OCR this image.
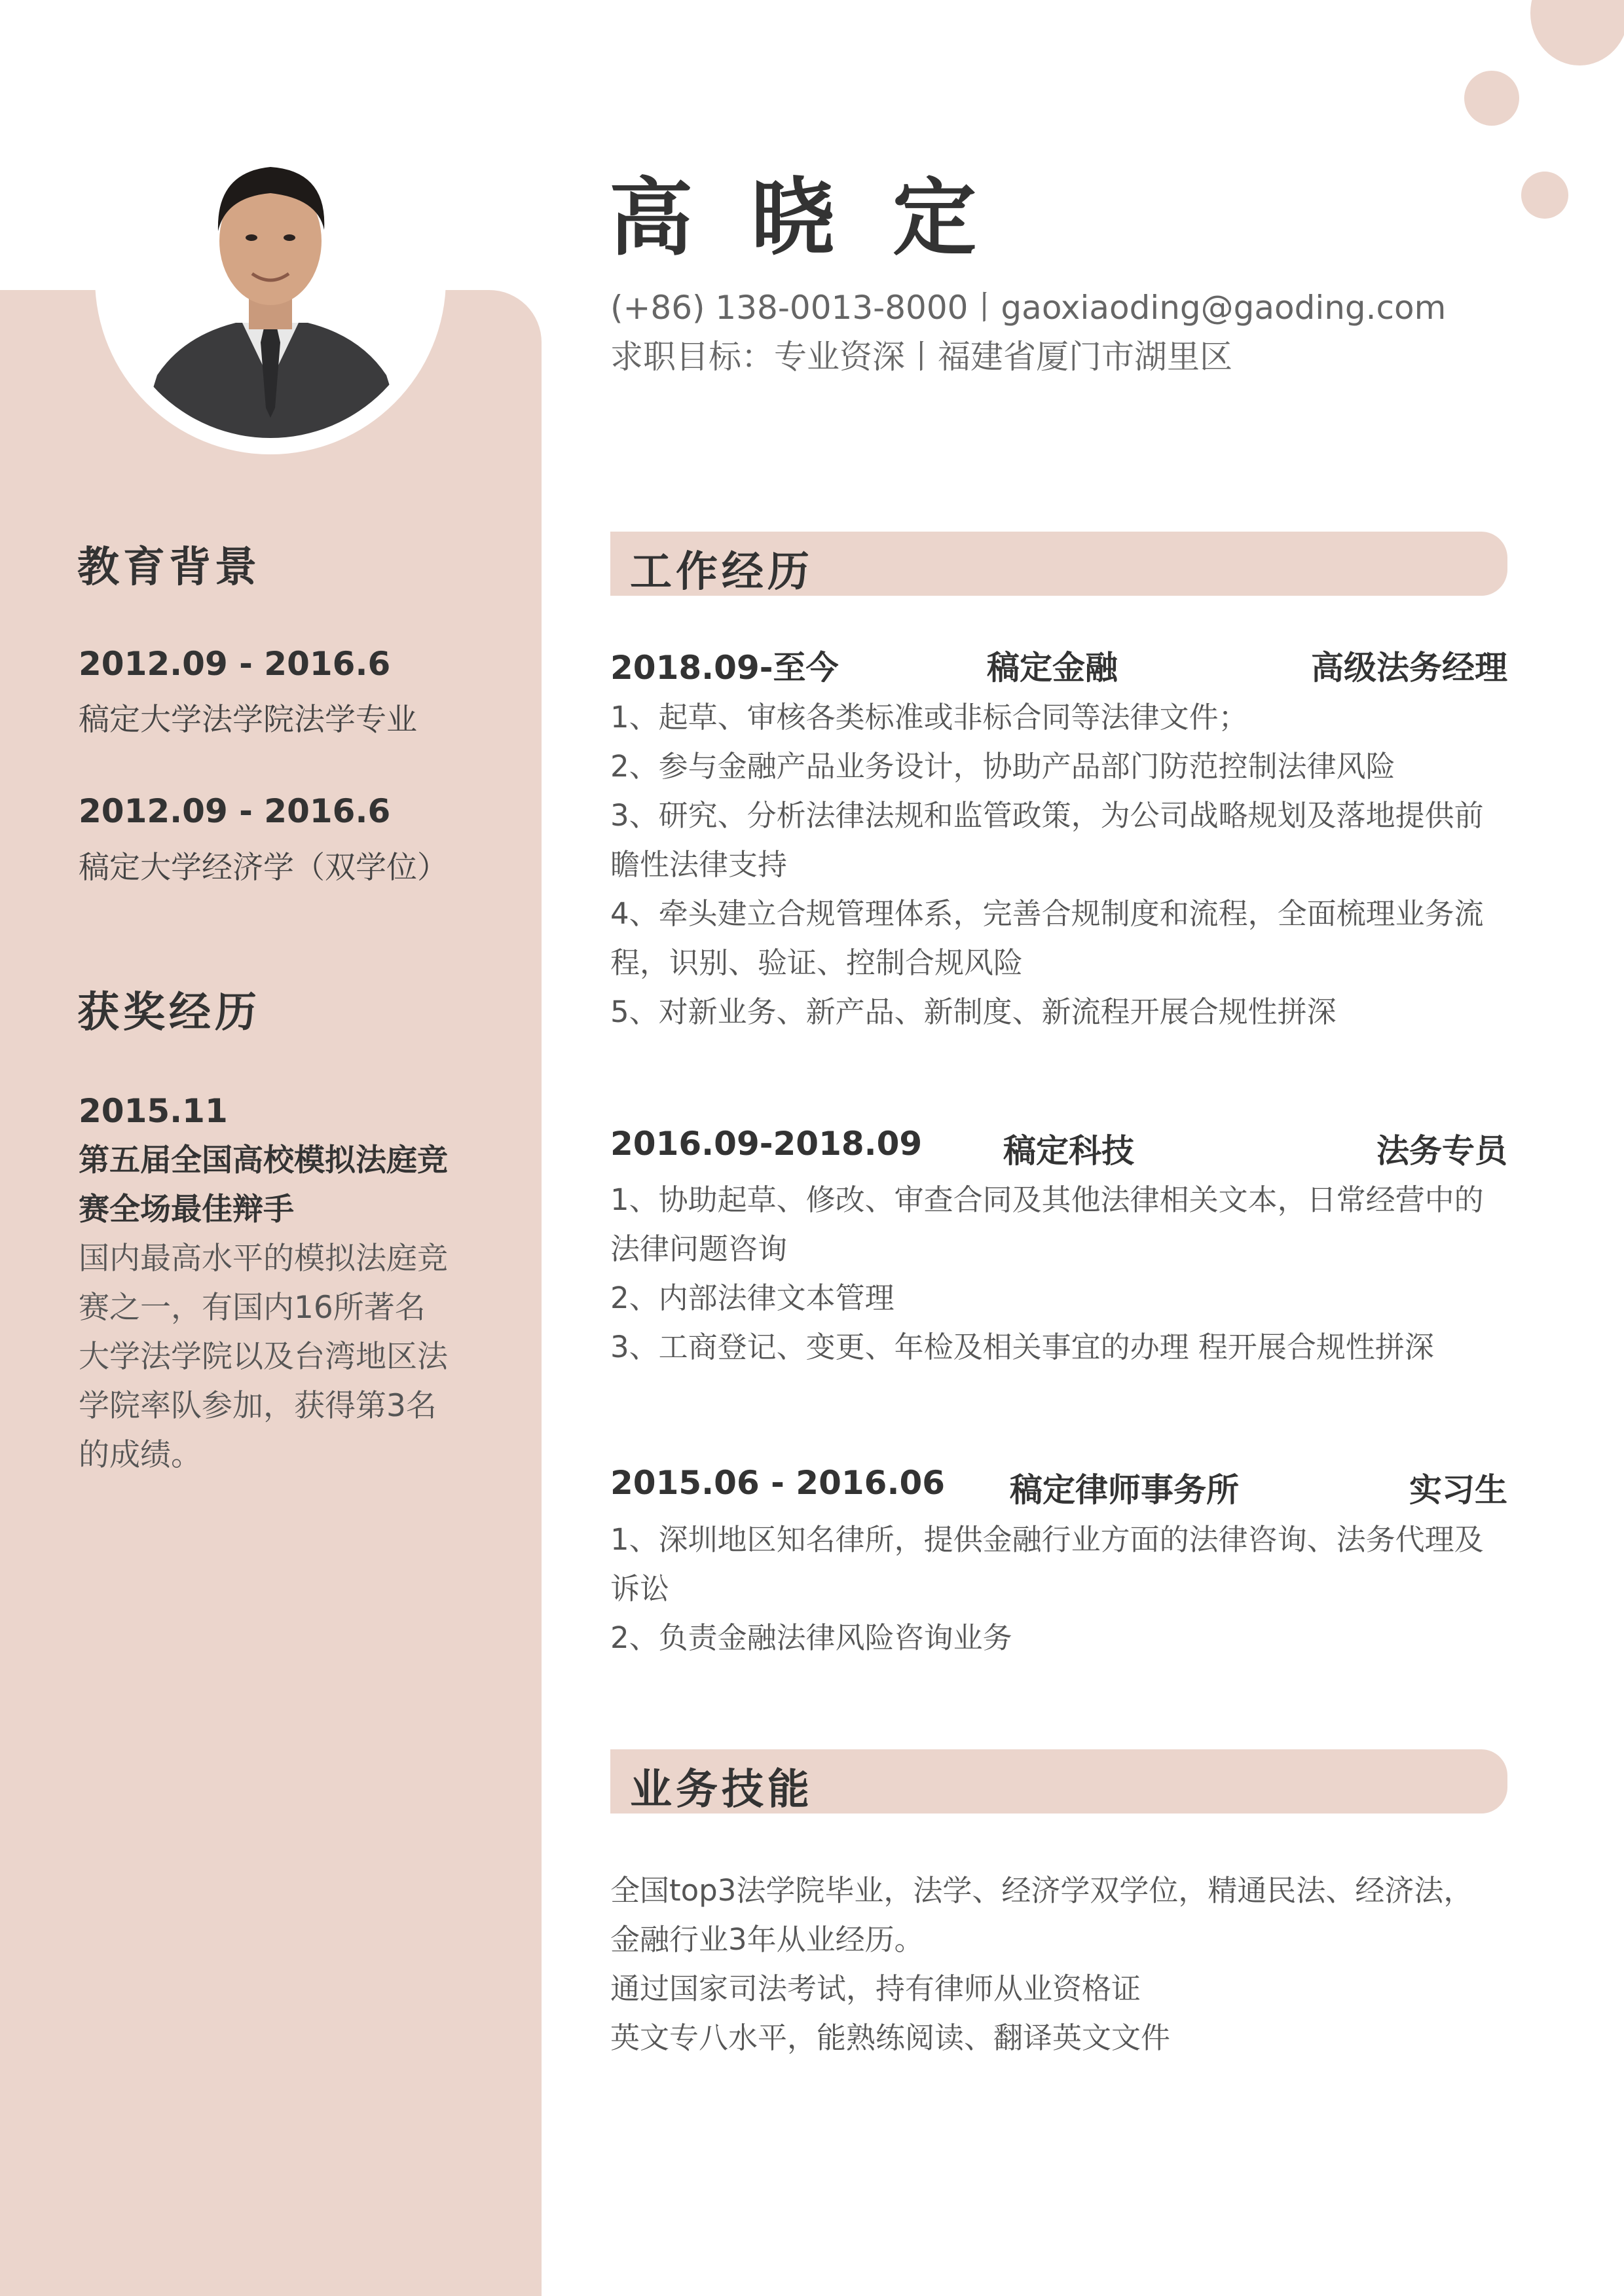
教育背景
2012.09 - 2016.6
稿定大学法学院法学专业
2012.09 - 2016.6
稿定大学经济学（双学位）
获奖经历
2015.11
第五届全国高校模拟法庭竞
赛全场最佳辩手
国内最高水平的模拟法庭竞
赛之一，有国内16所著名
大学法学院以及台湾地区法
学院率队参加，获得第3名
的成绩。
高 晓 定
(+86) 138-0013-8000丨gaoxiaoding@gaoding.com
求职目标：专业资深丨福建省厦门市湖里区
工作经历
2018.09-至今	稿定金融	高级法务经理
1、起草、审核各类标准或非标合同等法律文件；
2、参与金融产品业务设计，协助产品部门防范控制法律风险
3、研究、分析法律法规和监管政策，为公司战略规划及落地提供前
瞻性法律支持
4、牵头建立合规管理体系，完善合规制度和流程，全面梳理业务流
程，识别、验证、控制合规风险
5、对新业务、新产品、新制度、新流程开展合规性拼深
2016.09-2018.09 稿定科技	法务专员
1、协助起草、修改、审查合同及其他法律相关文本，日常经营中的
法律问题咨询
2、内部法律文本管理
3、工商登记、变更、年检及相关事宜的办理 程开展合规性拼深
2015.06 - 2016.06 稿定律师事务所	实习生
1、深圳地区知名律所，提供金融行业方面的法律咨询、法务代理及
诉讼
2、负责金融法律风险咨询业务
业务技能
全国top3法学院毕业，法学、经济学双学位，精通民法、经济法，
金融行业3年从业经历。
通过国家司法考试，持有律师从业资格证
英文专八水平，能熟练阅读、翻译英文文件
